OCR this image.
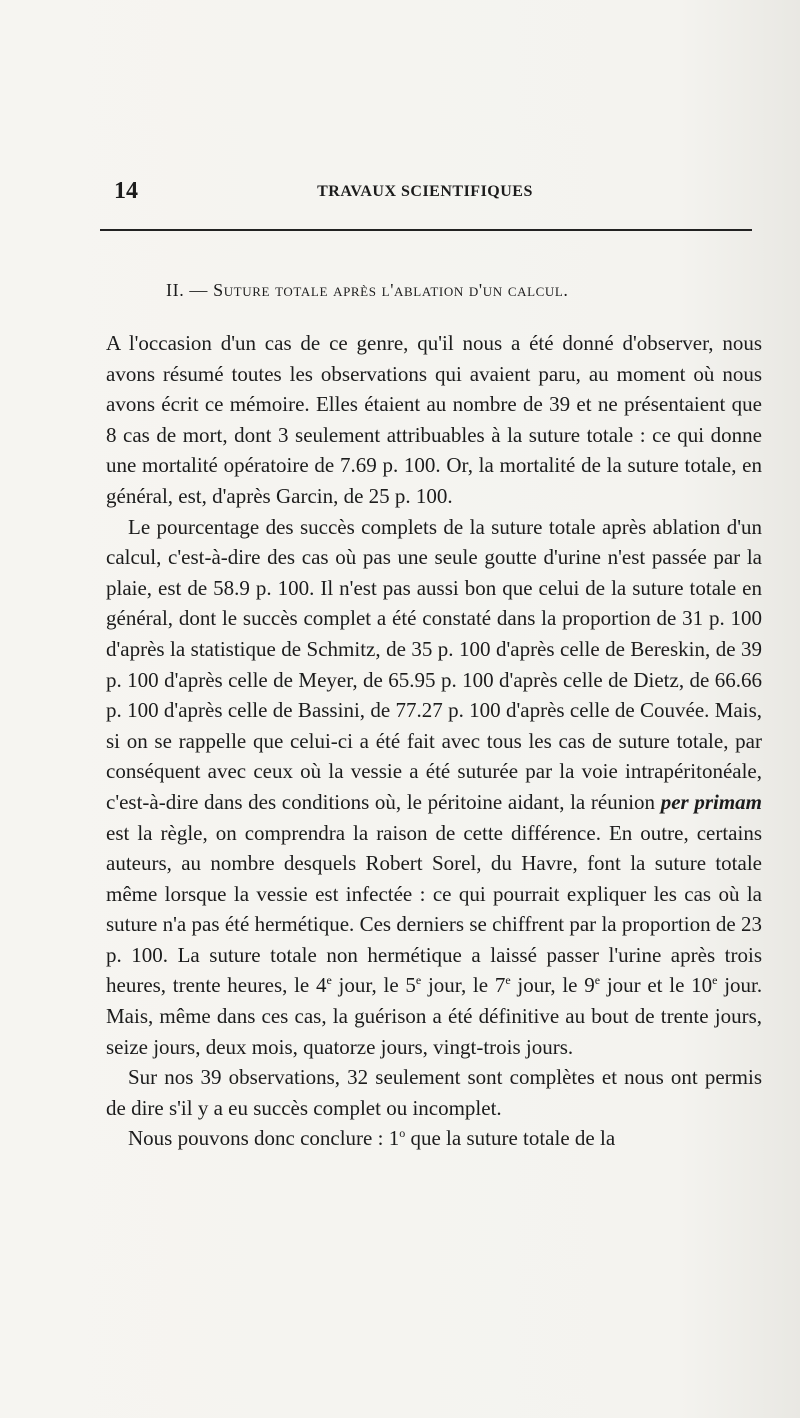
14	TRAVAUX SCIENTIFIQUES
II. — Suture totale après l'ablation d'un calcul.

A l'occasion d'un cas de ce genre, qu'il nous a été donné d'observer, nous avons résumé toutes les observations qui avaient paru, au moment où nous avons écrit ce mémoire. Elles étaient au nombre de 39 et ne présentaient que 8 cas de mort, dont 3 seulement attribuables à la suture totale : ce qui donne une mortalité opératoire de 7.69 p. 100. Or, la mortalité de la suture totale, en général, est, d'après Garcin, de 25 p. 100.

Le pourcentage des succès complets de la suture totale après ablation d'un calcul, c'est-à-dire des cas où pas une seule goutte d'urine n'est passée par la plaie, est de 58.9 p. 100. Il n'est pas aussi bon que celui de la suture totale en général, dont le succès complet a été constaté dans la proportion de 31 p. 100 d'après la statistique de Schmitz, de 35 p. 100 d'après celle de Bereskin, de 39 p. 100 d'après celle de Meyer, de 65.95 p. 100 d'après celle de Dietz, de 66.66 p. 100 d'après celle de Bassini, de 77.27 p. 100 d'après celle de Couvée. Mais, si on se rappelle que celui-ci a été fait avec tous les cas de suture totale, par conséquent avec ceux où la vessie a été suturée par la voie intrapéritonéale, c'est-à-dire dans des conditions où, le péritoine aidant, la réunion per primam est la règle, on comprendra la raison de cette différence. En outre, certains auteurs, au nombre desquels Robert Sorel, du Havre, font la suture totale même lorsque la vessie est infectée : ce qui pourrait expliquer les cas où la suture n'a pas été hermétique. Ces derniers se chiffrent par la proportion de 23 p. 100. La suture totale non hermétique a laissé passer l'urine après trois heures, trente heures, le 4e jour, le 5e jour, le 7e jour, le 9e jour et le 10e jour. Mais, même dans ces cas, la guérison a été définitive au bout de trente jours, seize jours, deux mois, quatorze jours, vingt-trois jours.

Sur nos 39 observations, 32 seulement sont complètes et nous ont permis de dire s'il y a eu succès complet ou incomplet.

Nous pouvons donc conclure : 1$^o$ que la suture totale de la
